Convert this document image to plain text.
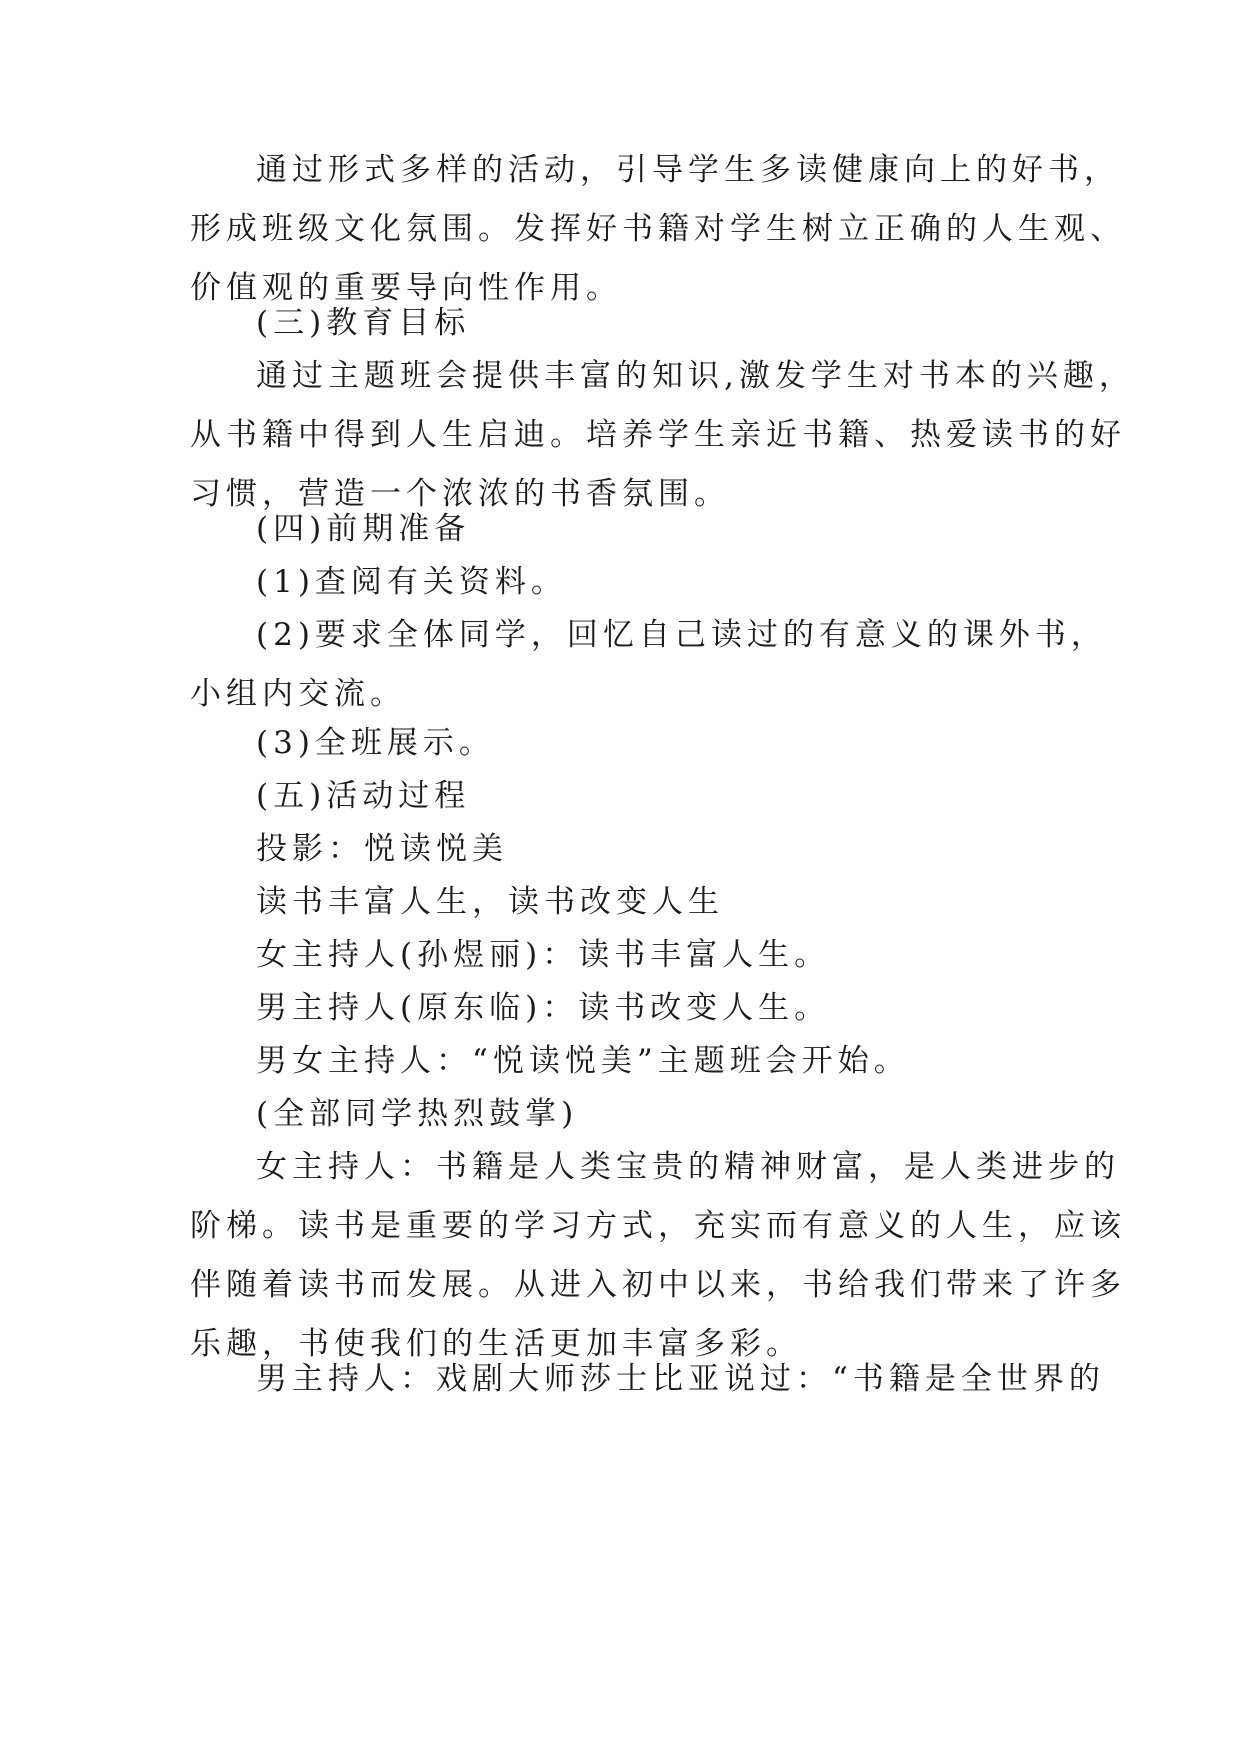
通过形式多样的活动，引导学生多读健康向上的好书，
形成班级文化氛围。发挥好书籍对学生树立正确的人生观、
价值观的重要导向性作用。

(三)教育目标

通过主题班会提供丰富的知识,激发学生对书本的兴趣，
从书籍中得到人生启迪。培养学生亲近书籍、热爱读书的好
习惯，营造一个浓浓的书香氛围。

(四)前期准备

(1)查阅有关资料。

(2)要求全体同学，回忆自己读过的有意义的课外书，
小组内交流。

(3)全班展示。

(五)活动过程

投影：悦读悦美

读书丰富人生，读书改变人生

女主持人(孙煜丽)：读书丰富人生。

男主持人(原东临)：读书改变人生。

男女主持人：“悦读悦美”主题班会开始。

(全部同学热烈鼓掌)

女主持人：书籍是人类宝贵的精神财富，是人类进步的
阶梯。读书是重要的学习方式，充实而有意义的人生，应该
伴随着读书而发展。从进入初中以来，书给我们带来了许多
乐趣，书使我们的生活更加丰富多彩。

男主持人：戏剧大师莎士比亚说过：“书籍是全世界的
